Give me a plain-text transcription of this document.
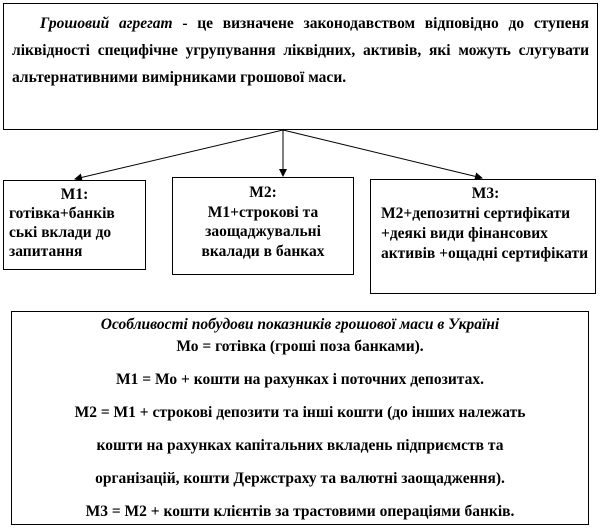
Грошовий агрегат - це визначене законодавством відповідно до ступеня ліквідності специфічне угрупування ліквідних, активів, які можуть слугувати альтернативними вимірниками грошової маси.
М1:
готівка+банків ські вклади до запитання
М2:
М1+строкові та заощаджувальні вкалади в банках
М3:
М2+депозитні сертифікати +деякі види фінансових активів +ощадні сертифікати
Особливості побудови показників грошової маси в Україні
Мо = готівка (гроші поза банками).
М1 = Мо + кошти на рахунках і поточних депозитах.
М2 = М1 + строкові депозити та інші кошти (до інших належать
кошти на рахунках капітальних вкладень підприємств та
організацій, кошти Держстраху та валютні заощадження).
М3 = М2 + кошти клієнтів за трастовими операціями банків.
